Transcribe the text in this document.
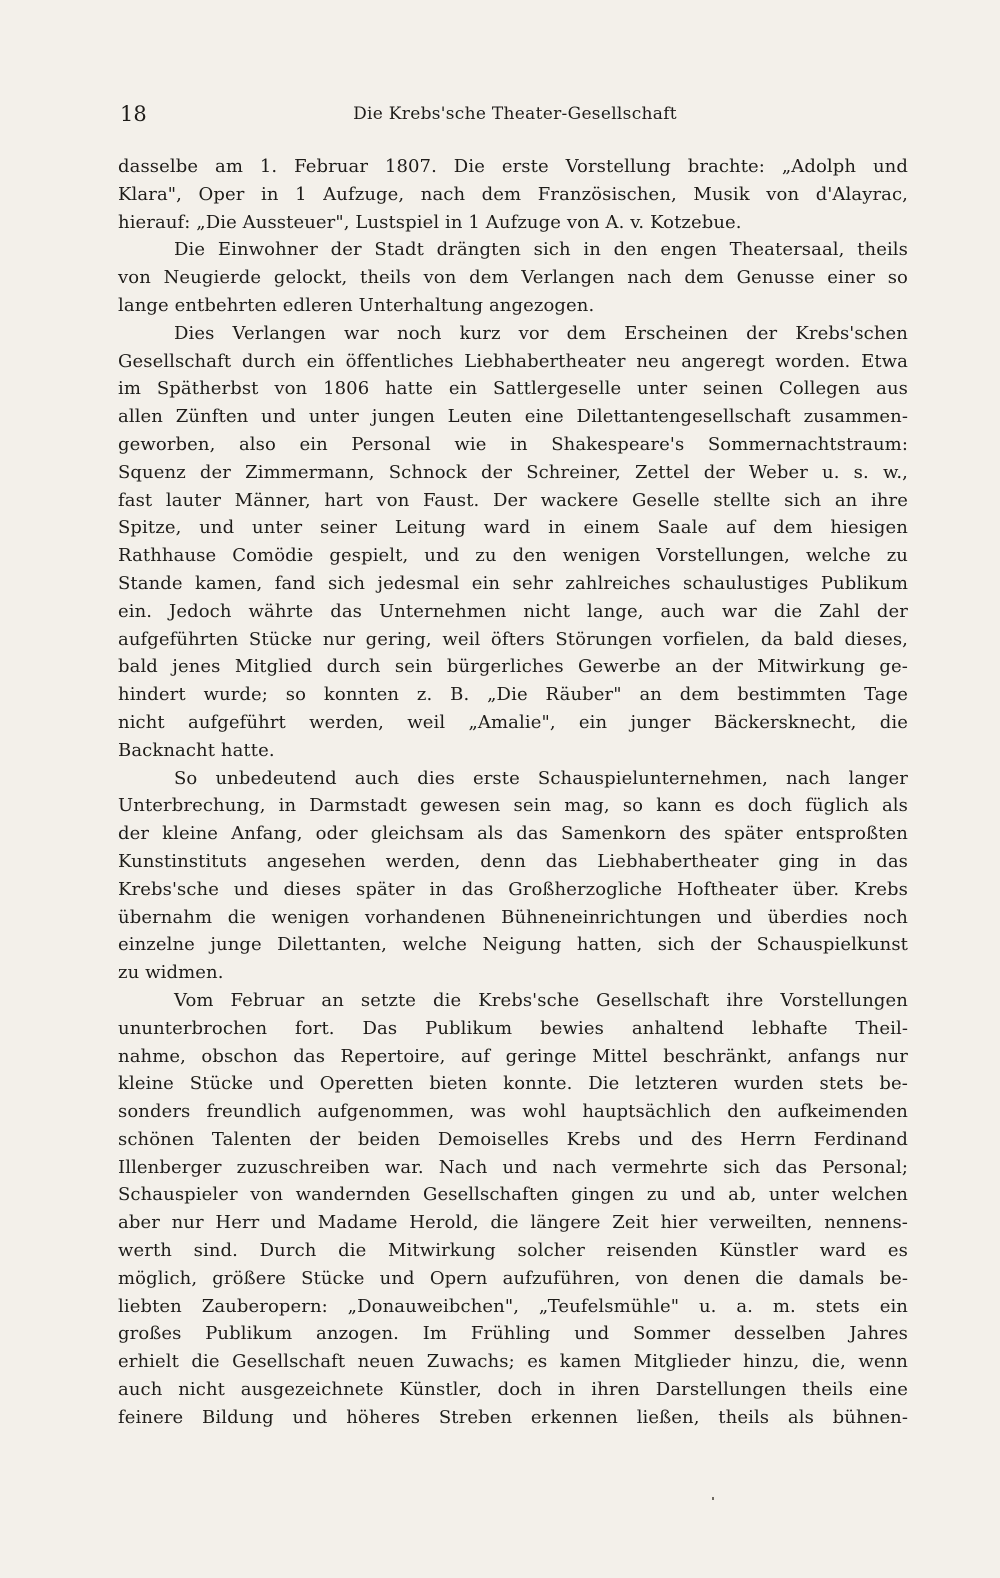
18	Die Krebs'sche Theater-Gesellschaft
dasselbe am 1. Februar 1807. Die erste Vorstellung brachte: „Adolph und
Klara", Oper in 1 Aufzuge, nach dem Französischen, Musik von d'Alayrac,
hierauf: „Die Aussteuer", Lustspiel in 1 Aufzuge von A. v. Kotzebue.
Die Einwohner der Stadt drängten sich in den engen Theatersaal, theils
von Neugierde gelockt, theils von dem Verlangen nach dem Genusse einer so
lange entbehrten edleren Unterhaltung angezogen.
Dies Verlangen war noch kurz vor dem Erscheinen der Krebs'schen
Gesellschaft durch ein öffentliches Liebhabertheater neu angeregt worden. Etwa
im Spätherbst von 1806 hatte ein Sattlergeselle unter seinen Collegen aus
allen Zünften und unter jungen Leuten eine Dilettantengesellschaft zusammen-
geworben, also ein Personal wie in Shakespeare's Sommernachtstraum:
Squenz der Zimmermann, Schnock der Schreiner, Zettel der Weber u. s. w.,
fast lauter Männer, hart von Faust. Der wackere Geselle stellte sich an ihre
Spitze, und unter seiner Leitung ward in einem Saale auf dem hiesigen
Rathhause Comödie gespielt, und zu den wenigen Vorstellungen, welche zu
Stande kamen, fand sich jedesmal ein sehr zahlreiches schaulustiges Publikum
ein. Jedoch währte das Unternehmen nicht lange, auch war die Zahl der
aufgeführten Stücke nur gering, weil öfters Störungen vorfielen, da bald dieses,
bald jenes Mitglied durch sein bürgerliches Gewerbe an der Mitwirkung ge-
hindert wurde; so konnten z. B. „Die Räuber" an dem bestimmten Tage
nicht aufgeführt werden, weil „Amalie", ein junger Bäckersknecht, die
Backnacht hatte.
So unbedeutend auch dies erste Schauspielunternehmen, nach langer
Unterbrechung, in Darmstadt gewesen sein mag, so kann es doch füglich als
der kleine Anfang, oder gleichsam als das Samenkorn des später entsproßten
Kunstinstituts angesehen werden, denn das Liebhabertheater ging in das
Krebs'sche und dieses später in das Großherzogliche Hoftheater über. Krebs
übernahm die wenigen vorhandenen Bühneneinrichtungen und überdies noch
einzelne junge Dilettanten, welche Neigung hatten, sich der Schauspielkunst
zu widmen.
Vom Februar an setzte die Krebs'sche Gesellschaft ihre Vorstellungen
ununterbrochen fort. Das Publikum bewies anhaltend lebhafte Theil-
nahme, obschon das Repertoire, auf geringe Mittel beschränkt, anfangs nur
kleine Stücke und Operetten bieten konnte. Die letzteren wurden stets be-
sonders freundlich aufgenommen, was wohl hauptsächlich den aufkeimenden
schönen Talenten der beiden Demoiselles Krebs und des Herrn Ferdinand
Illenberger zuzuschreiben war. Nach und nach vermehrte sich das Personal;
Schauspieler von wandernden Gesellschaften gingen zu und ab, unter welchen
aber nur Herr und Madame Herold, die längere Zeit hier verweilten, nennens-
werth sind. Durch die Mitwirkung solcher reisenden Künstler ward es
möglich, größere Stücke und Opern aufzuführen, von denen die damals be-
liebten Zauberopern: „Donauweibchen", „Teufelsmühle" u. a. m. stets ein
großes Publikum anzogen. Im Frühling und Sommer desselben Jahres
erhielt die Gesellschaft neuen Zuwachs; es kamen Mitglieder hinzu, die, wenn
auch nicht ausgezeichnete Künstler, doch in ihren Darstellungen theils eine
feinere Bildung und höheres Streben erkennen ließen, theils als bühnen-
